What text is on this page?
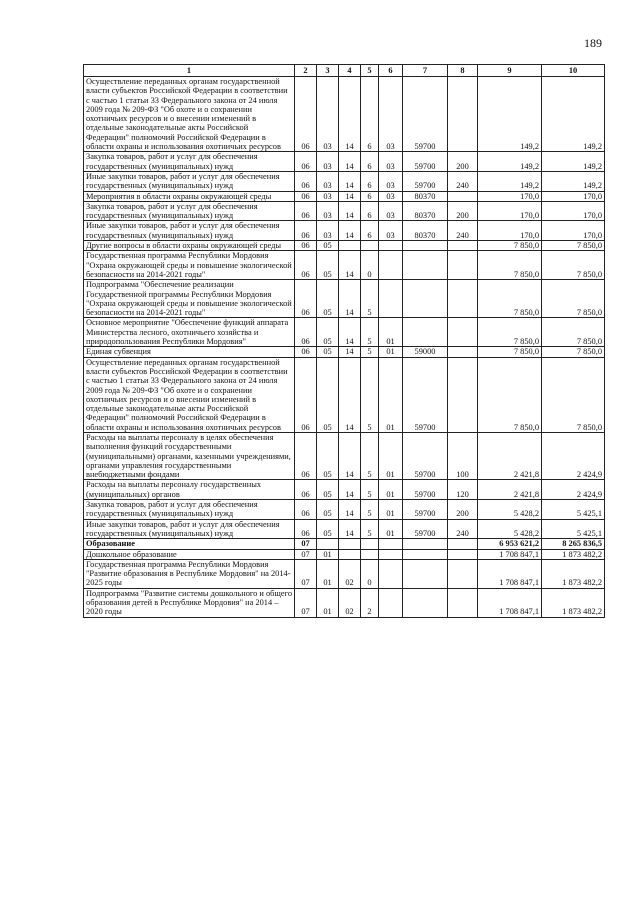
189
1	2	3	4	5	6	7	8	9	10
Осуществление переданных органам государственной власти субъектов Российской Федерации в соответствии с частью 1 статьи 33 Федерального закона от 24 июля 2009 года № 209-ФЗ "Об охоте и о сохранении охотничьих ресурсов и о внесении изменений в отдельные законодательные акты Российской Федерации" полномочий Российской Федерации в области охраны и использования охотничьих ресурсов	06	03	14	6	03	59700		149,2	149,2
Закупка товаров, работ и услуг для обеспечения государственных (муниципальных) нужд	06	03	14	6	03	59700	200	149,2	149,2
Иные закупки товаров, работ и услуг для обеспечения государственных (муниципальных) нужд	06	03	14	6	03	59700	240	149,2	149,2
Мероприятия в области охраны окружающей среды	06	03	14	6	03	80370		170,0	170,0
Закупка товаров, работ и услуг для обеспечения государственных (муниципальных) нужд	06	03	14	6	03	80370	200	170,0	170,0
Иные закупки товаров, работ и услуг для обеспечения государственных (муниципальных) нужд	06	03	14	6	03	80370	240	170,0	170,0
Другие вопросы в области охраны окружающей среды	06	05						7 850,0	7 850,0
Государственная программа Республики Мордовия "Охрана окружающей среды и повышение экологической безопасности на 2014-2021 годы"	06	05	14	0				7 850,0	7 850,0
Подпрограмма "Обеспечение реализации Государственной программы Республики Мордовия "Охрана окружающей среды и повышение экологической безопасности на 2014-2021 годы"	06	05	14	5				7 850,0	7 850,0
Основное мероприятие "Обеспечение функций аппарата Министерства лесного, охотничьего хозяйства и природопользования Республики Мордовия"	06	05	14	5	01			7 850,0	7 850,0
Единая субвенция	06	05	14	5	01	59000		7 850,0	7 850,0
Осуществление переданных органам государственной власти субъектов Российской Федерации в соответствии с частью 1 статьи 33 Федерального закона от 24 июля 2009 года № 209-ФЗ "Об охоте и о сохранении охотничьих ресурсов и о внесении изменений в отдельные законодательные акты Российской Федерации" полномочий Российской Федерации в области охраны и использования охотничьих ресурсов	06	05	14	5	01	59700		7 850,0	7 850,0
Расходы на выплаты персоналу в целях обеспечения выполнения функций государственными (муниципальными) органами, казенными учреждениями, органами управления государственными внебюджетными фондами	06	05	14	5	01	59700	100	2 421,8	2 424,9
Расходы на выплаты персоналу государственных (муниципальных) органов	06	05	14	5	01	59700	120	2 421,8	2 424,9
Закупка товаров, работ и услуг для обеспечения государственных (муниципальных) нужд	06	05	14	5	01	59700	200	5 428,2	5 425,1
Иные закупки товаров, работ и услуг для обеспечения государственных (муниципальных) нужд	06	05	14	5	01	59700	240	5 428,2	5 425,1
Образование	07							6 953 621,2	8 265 836,5
Дошкольное образование	07	01						1 708 847,1	1 873 482,2
Государственная программа Республики Мордовия "Развитие образования в Республике Мордовия" на 2014-2025 годы	07	01	02	0				1 708 847,1	1 873 482,2
Подпрограмма "Развитие системы дошкольного и общего образования детей в Республике Мордовия" на 2014 – 2020 годы	07	01	02	2				1 708 847,1	1 873 482,2
